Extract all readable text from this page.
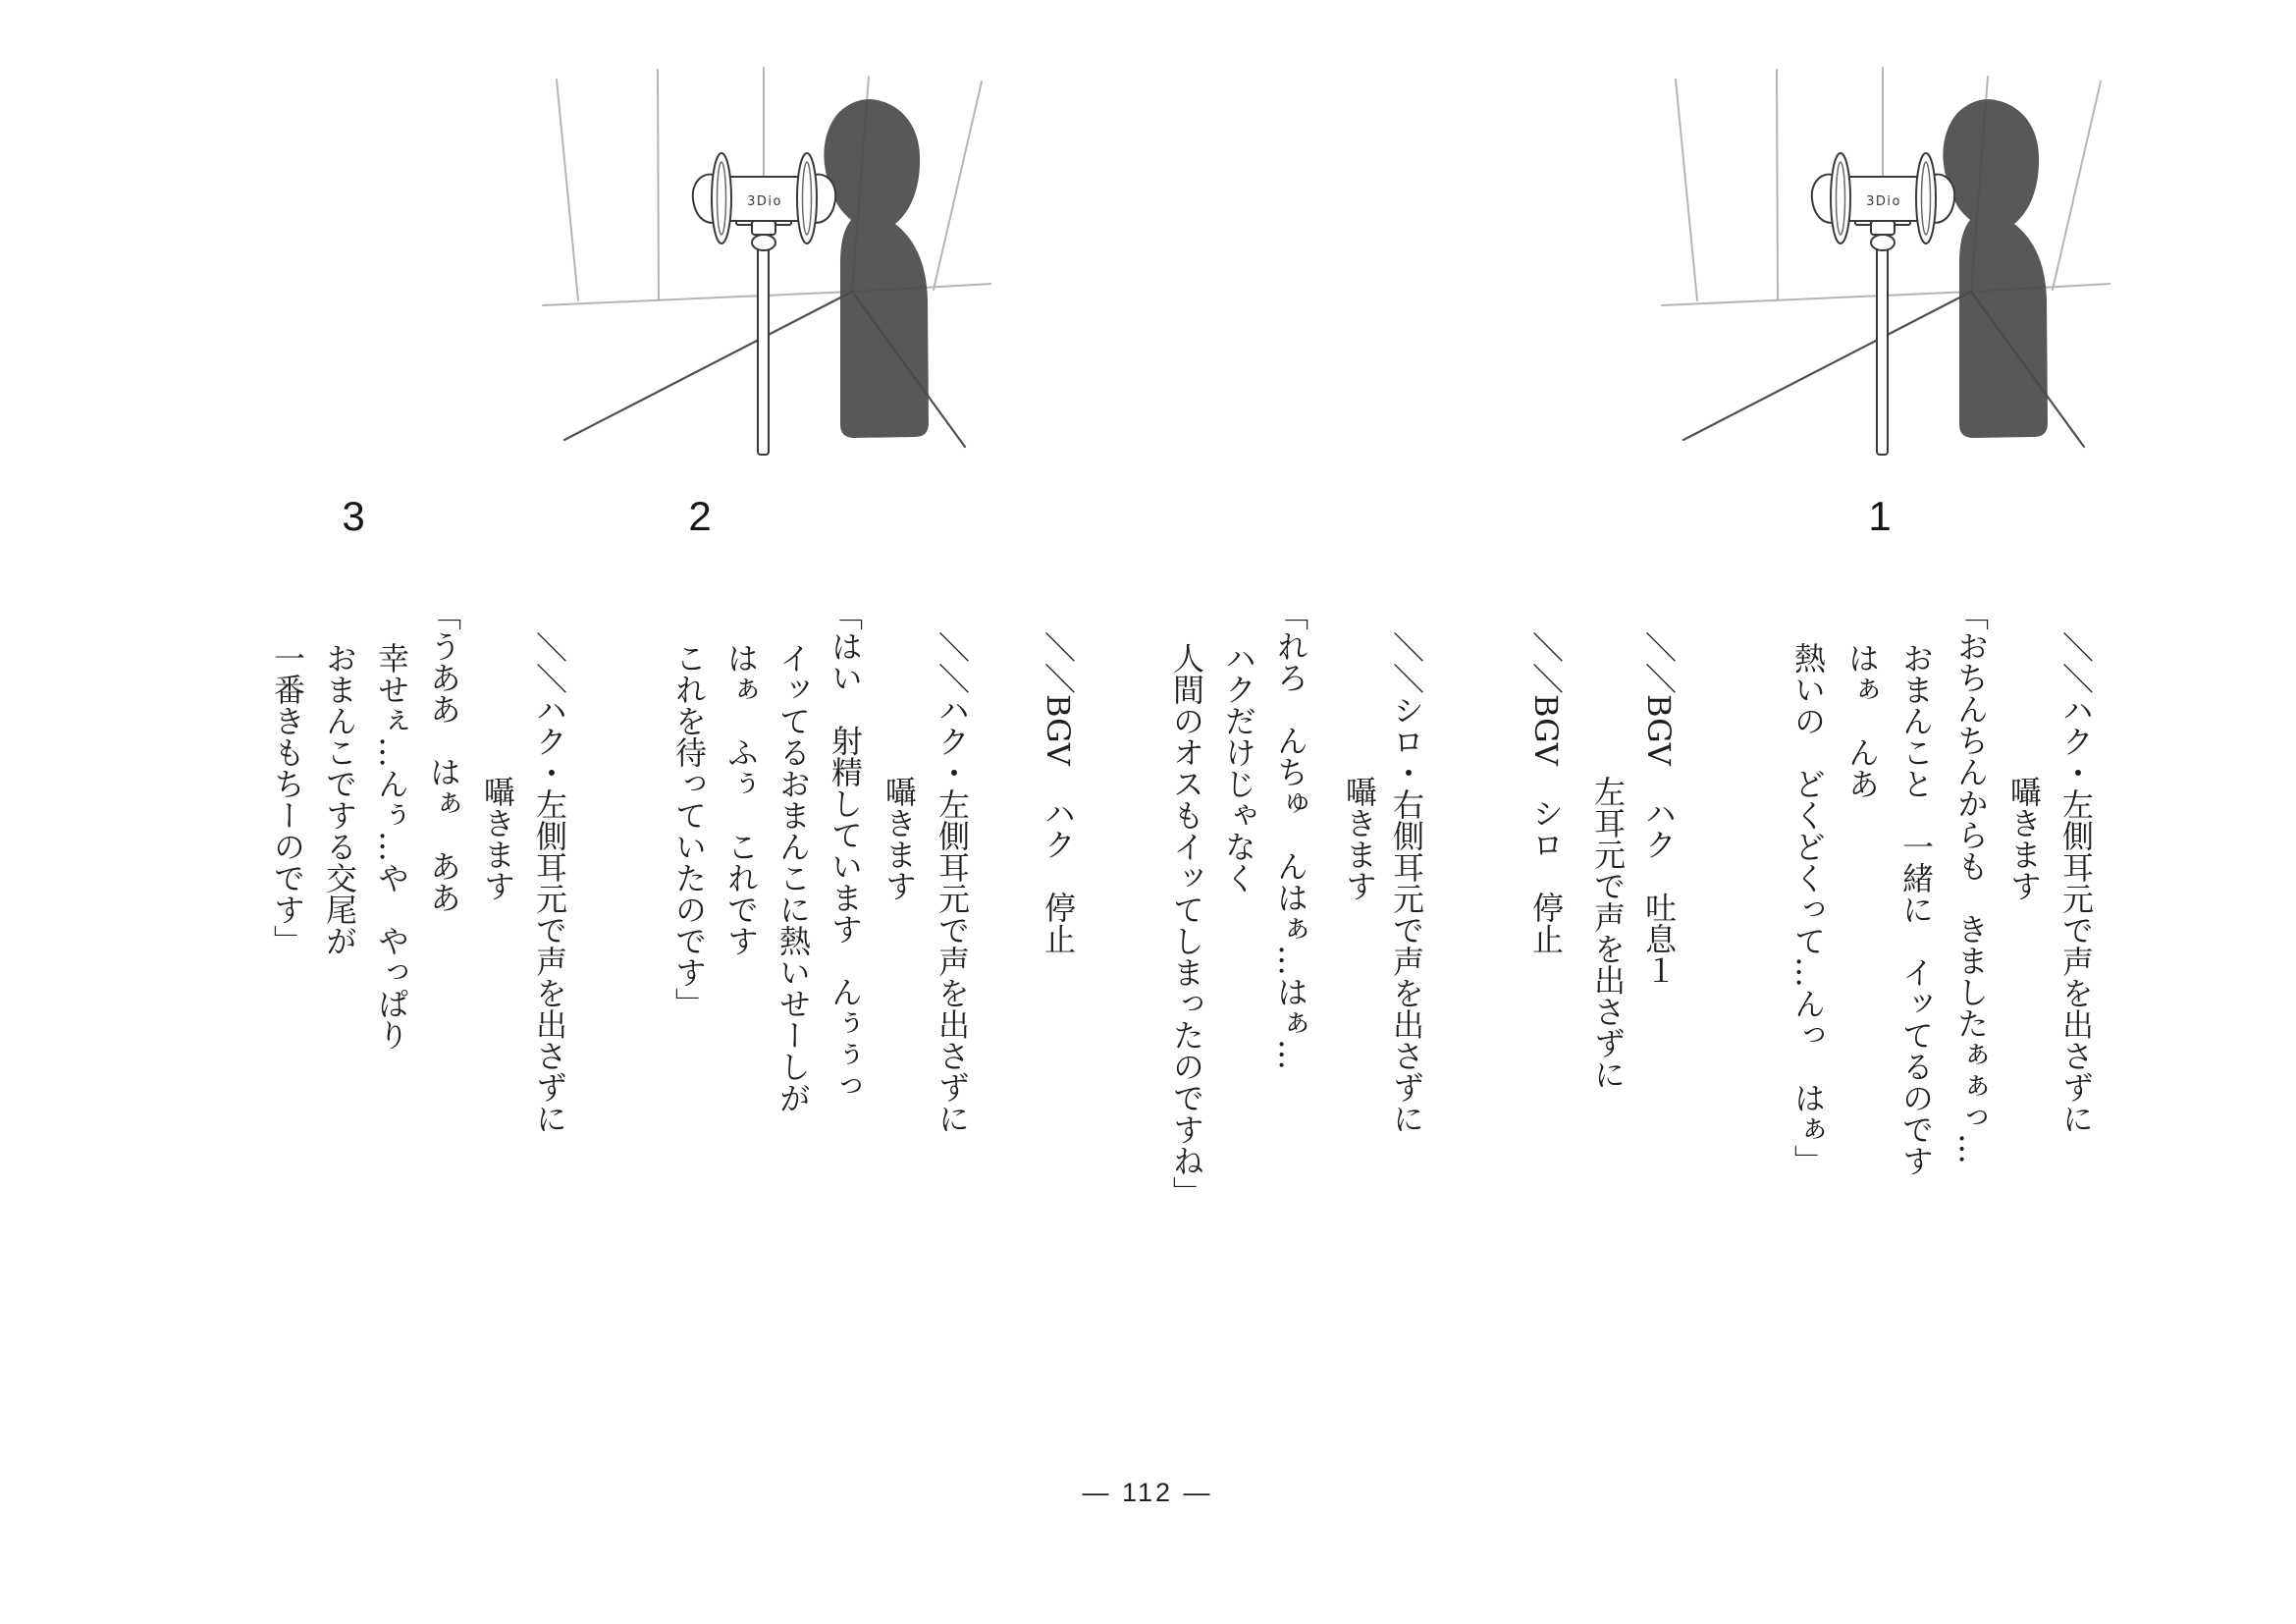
3Dio	3Dio
1
2
3
＼＼ハク・左側耳元で声を出さずに
囁きます
「おちんちんからも　きましたぁぁっ…
おまんこと　一緒に　イッてるのです
はぁ　んあ
熱いの　どくどくって…んっ　はぁ」
＼＼BGV　ハク　吐息１
左耳元で声を出さずに
＼＼BGV　シロ　停止
＼＼シロ・右側耳元で声を出さずに
囁きます
「れろ　んちゅ　んはぁ…はぁ…
ハクだけじゃなく
人間のオスもイッてしまったのですね」
＼＼BGV　ハク　停止
＼＼ハク・左側耳元で声を出さずに
囁きます
「はい　射精しています　んぅぅっ
イッてるおまんこに熱いせーしが
はぁ　ふぅ　これです
これを待っていたのです」
＼＼ハク・左側耳元で声を出さずに
囁きます
「うああ　はぁ　ああ
幸せぇ…んぅ…や　やっぱり
おまんこでする交尾が
一番きもちーのです」
— 112 —
